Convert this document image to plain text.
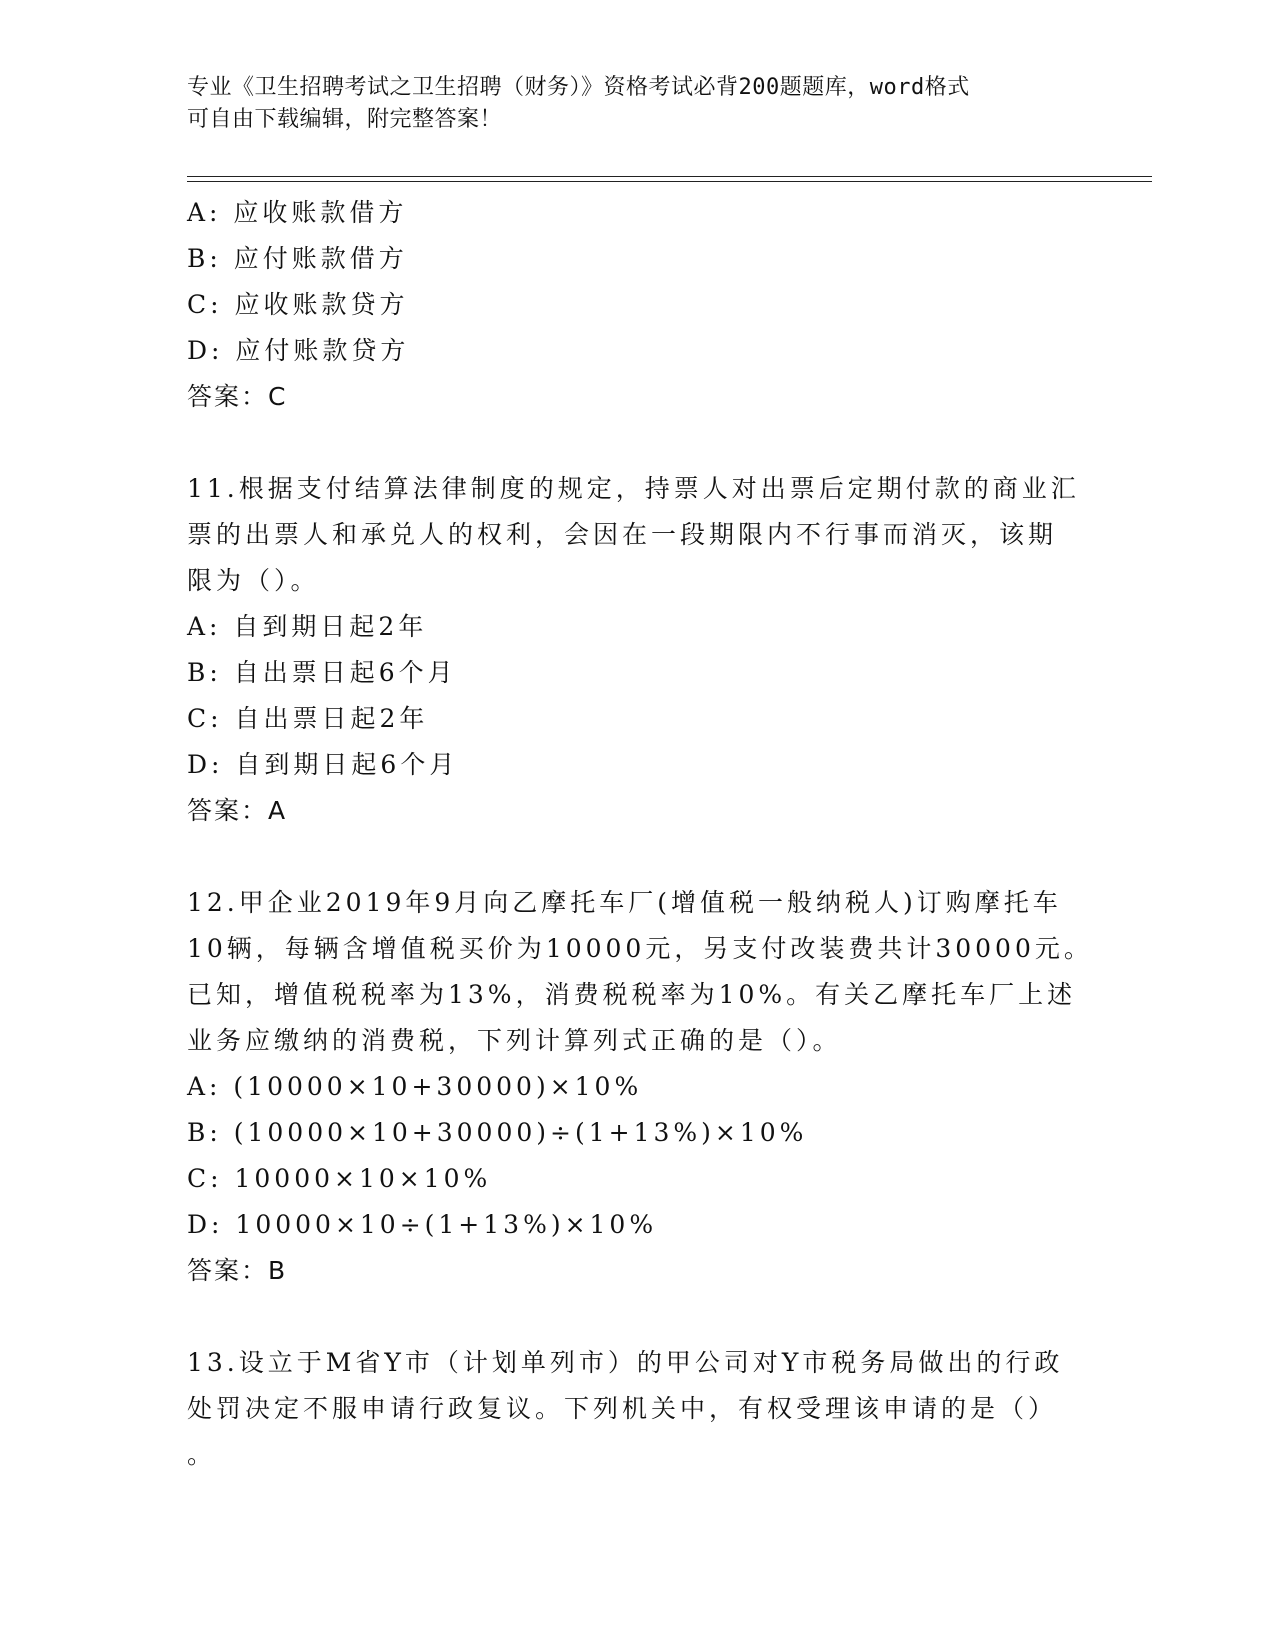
专业《卫生招聘考试之卫生招聘（财务）》资格考试必背200题题库，word格式
可自由下载编辑，附完整答案！
A: 应收账款借方
B: 应付账款借方
C: 应收账款贷方
D: 应付账款贷方
答案：C
11.根据支付结算法律制度的规定，持票人对出票后定期付款的商业汇
票的出票人和承兑人的权利，会因在一段期限内不行事而消灭，该期
限为（）。
A: 自到期日起2年
B: 自出票日起6个月
C: 自出票日起2年
D: 自到期日起6个月
答案：A
12.甲企业2019年9月向乙摩托车厂(增值税一般纳税人)订购摩托车
10辆，每辆含增值税买价为10000元，另支付改装费共计30000元。
已知，增值税税率为13%，消费税税率为10%。有关乙摩托车厂上述
业务应缴纳的消费税，下列计算列式正确的是（）。
A: (10000×10+30000)×10%
B: (10000×10+30000)÷(1+13%)×10%
C: 10000×10×10%
D: 10000×10÷(1+13%)×10%
答案：B
13.设立于M省Y市（计划单列市）的甲公司对Y市税务局做出的行政
处罚决定不服申请行政复议。下列机关中，有权受理该申请的是（）
。
